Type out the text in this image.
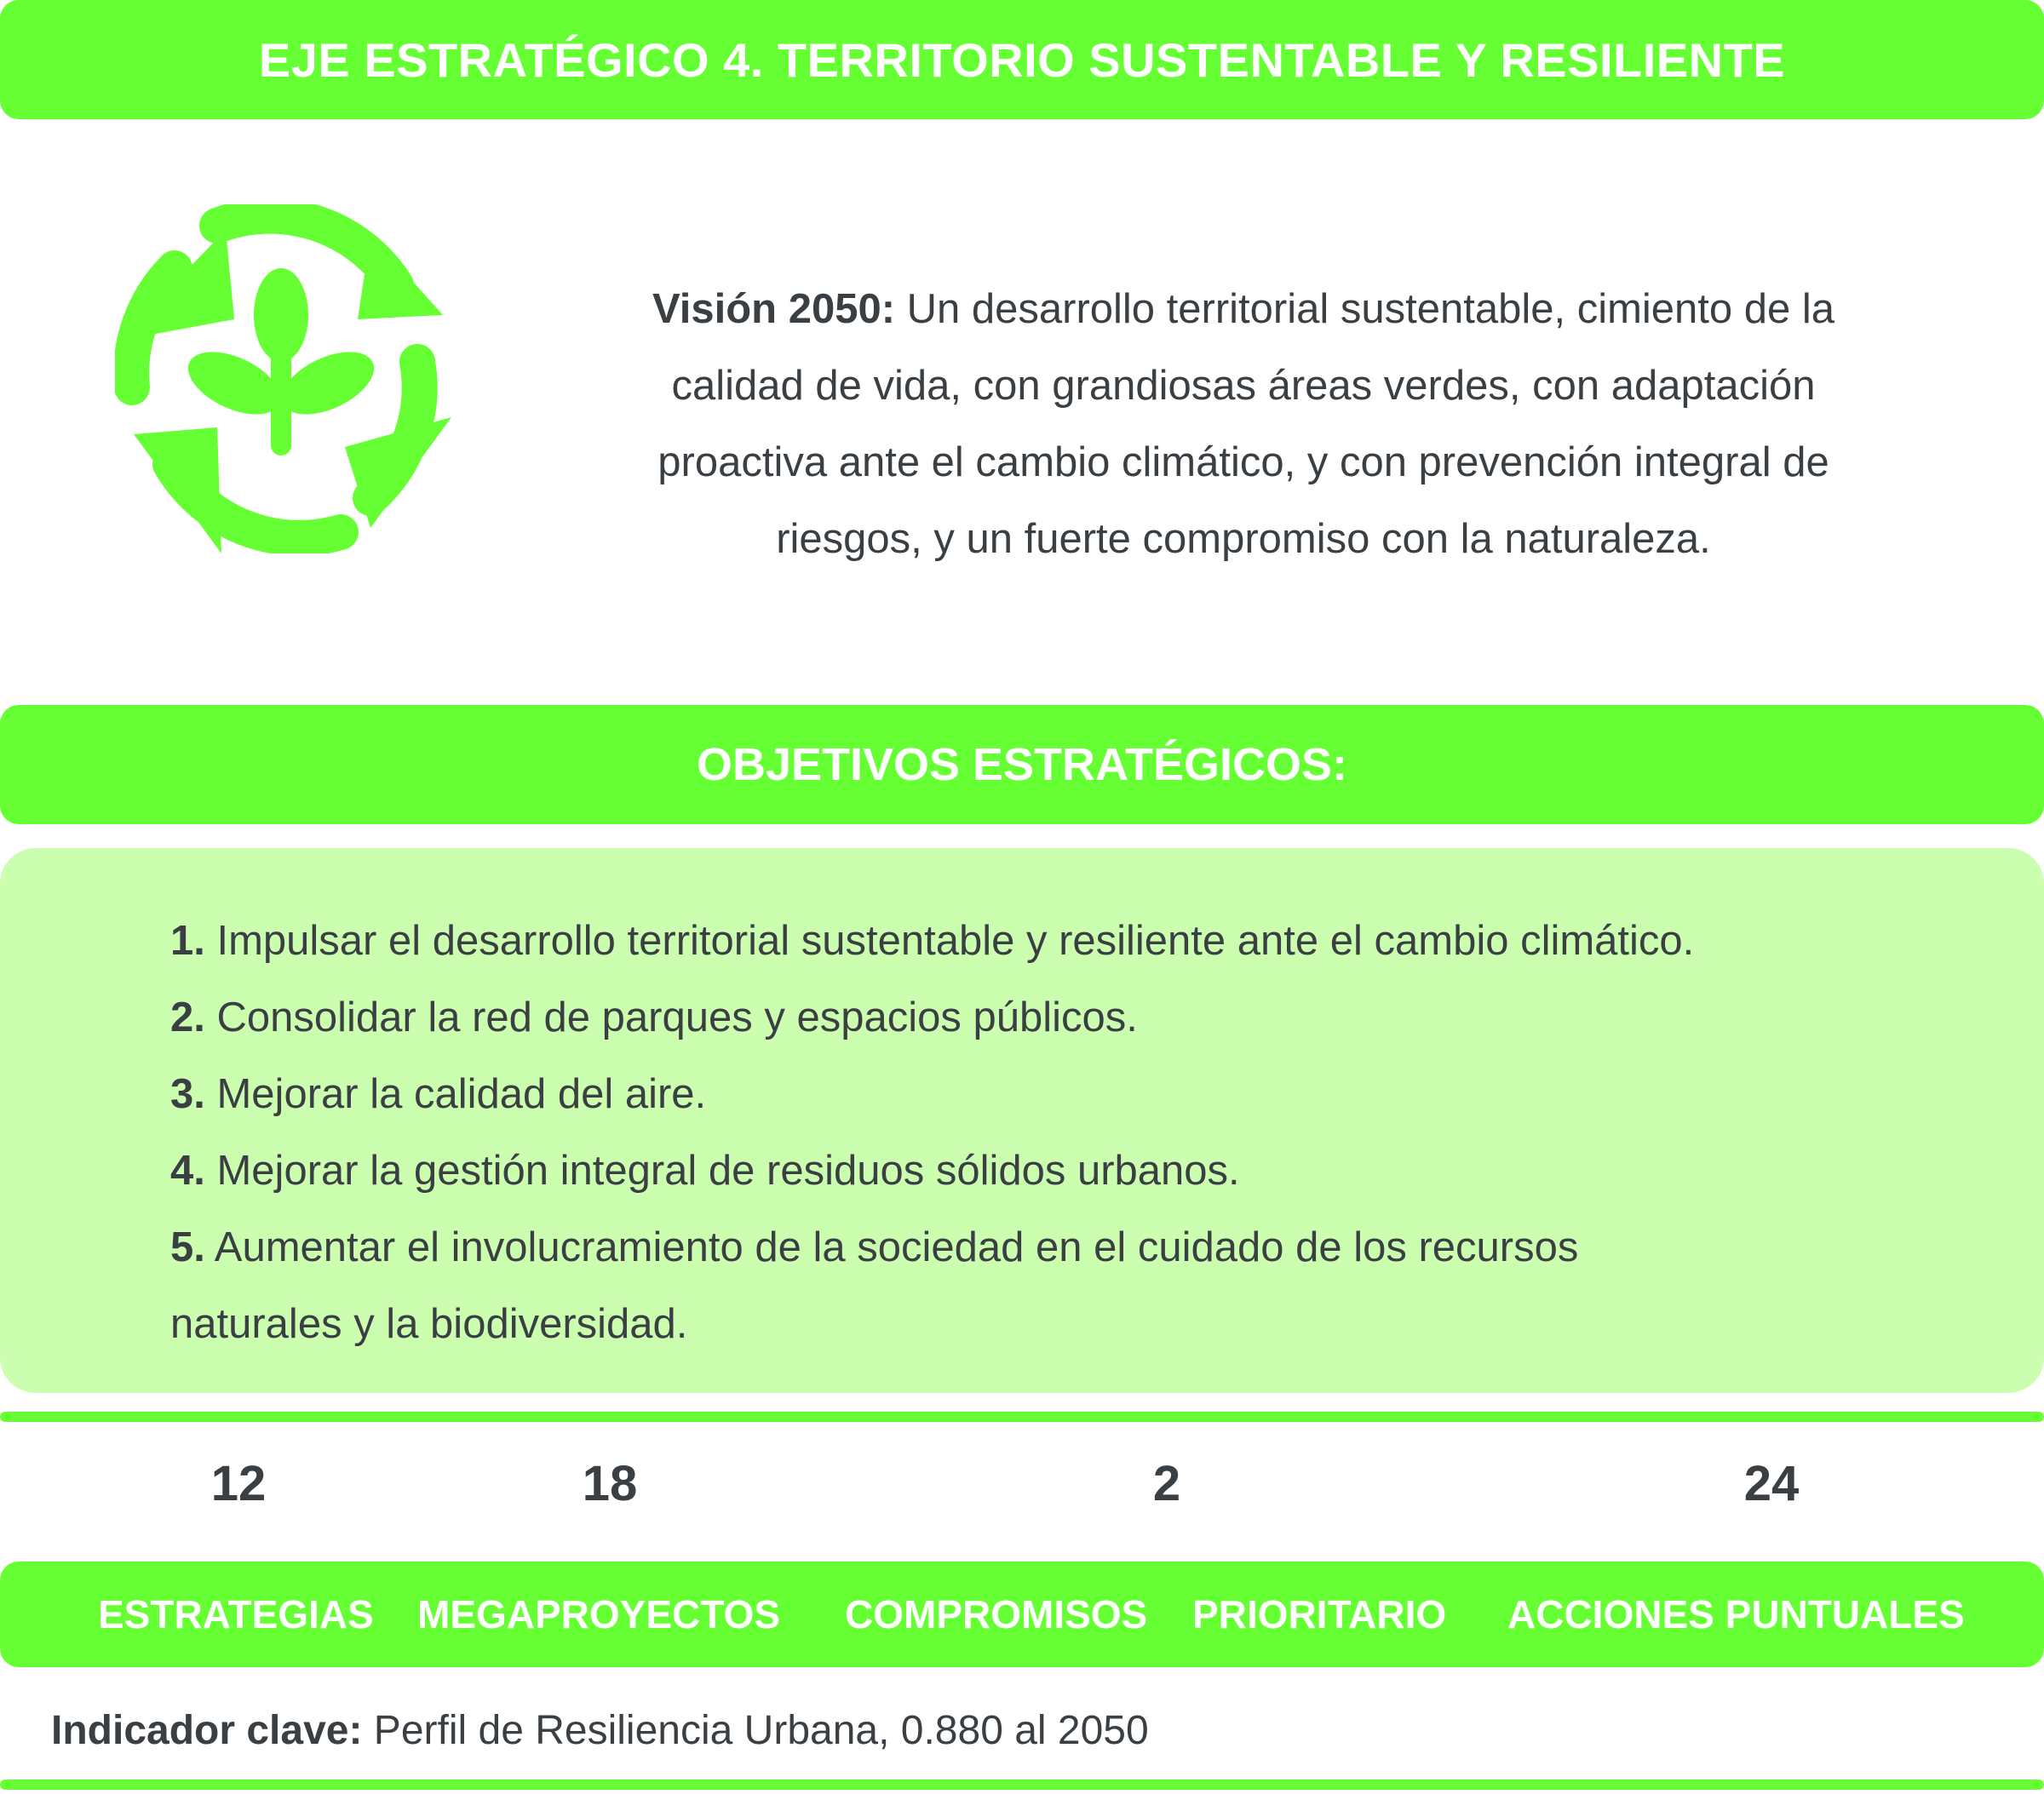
EJE ESTRATÉGICO 4. TERRITORIO SUSTENTABLE Y RESILIENTE
Visión 2050: Un desarrollo territorial sustentable, cimiento de la
calidad de vida, con grandiosas áreas verdes, con adaptación
proactiva ante el cambio climático, y con prevención integral de
riesgos, y un fuerte compromiso con la naturaleza.
OBJETIVOS ESTRATÉGICOS:
1. Impulsar el desarrollo territorial sustentable y resiliente ante el cambio climático.
2. Consolidar la red de parques y espacios públicos.
3. Mejorar la calidad del aire.
4. Mejorar la gestión integral de residuos sólidos urbanos.
5. Aumentar el involucramiento de la sociedad en el cuidado de los recursos
naturales y la biodiversidad.
12	18	2	24
ESTRATEGIAS MEGAPROYECTOS COMPROMISOS PRIORITARIO ACCIONES PUNTUALES
Indicador clave: Perfil de Resiliencia Urbana, 0.880 al 2050
